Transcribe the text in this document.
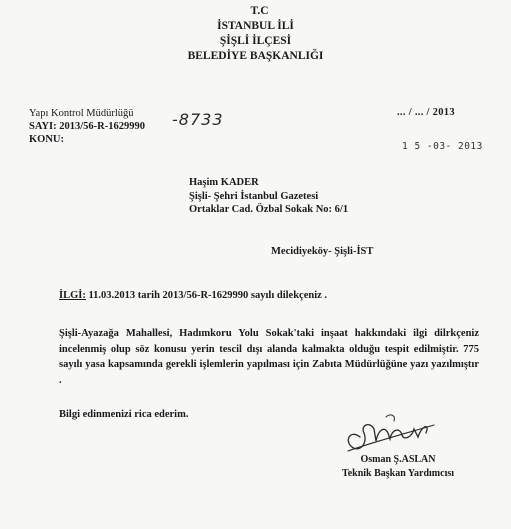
T.C
İSTANBUL İLİ
ŞİŞLİ İLÇESİ
BELEDİYE BAŞKANLIĞI
Yapı Kontrol Müdürlüğü
SAYI: 2013/56-R-1629990
KONU:
-8733	... / ... / 2013
1 5 -03- 2013
Haşim KADER
Şişli- Şehri İstanbul Gazetesi
Ortaklar Cad. Özbal Sokak No: 6/1
Mecidiyeköy- Şişli-İST
İLGİ: 11.03.2013 tarih 2013/56-R-1629990 sayılı dilekçeniz .
Şişli-Ayazağa Mahallesi, Hadımkoru Yolu Sokak'taki inşaat hakkındaki ilgi dilrkçeniz incelenmiş olup söz konusu yerin tescil dışı alanda kalmakta olduğu tespit edilmiştir. 775 sayılı yasa kapsamında gerekli işlemlerin yapılması için Zabıta Müdürlüğüne yazı yazılmıştır .
Bilgi edinmenizi rica ederim.
Osman Ş.ASLAN
Teknik Başkan Yardımcısı
